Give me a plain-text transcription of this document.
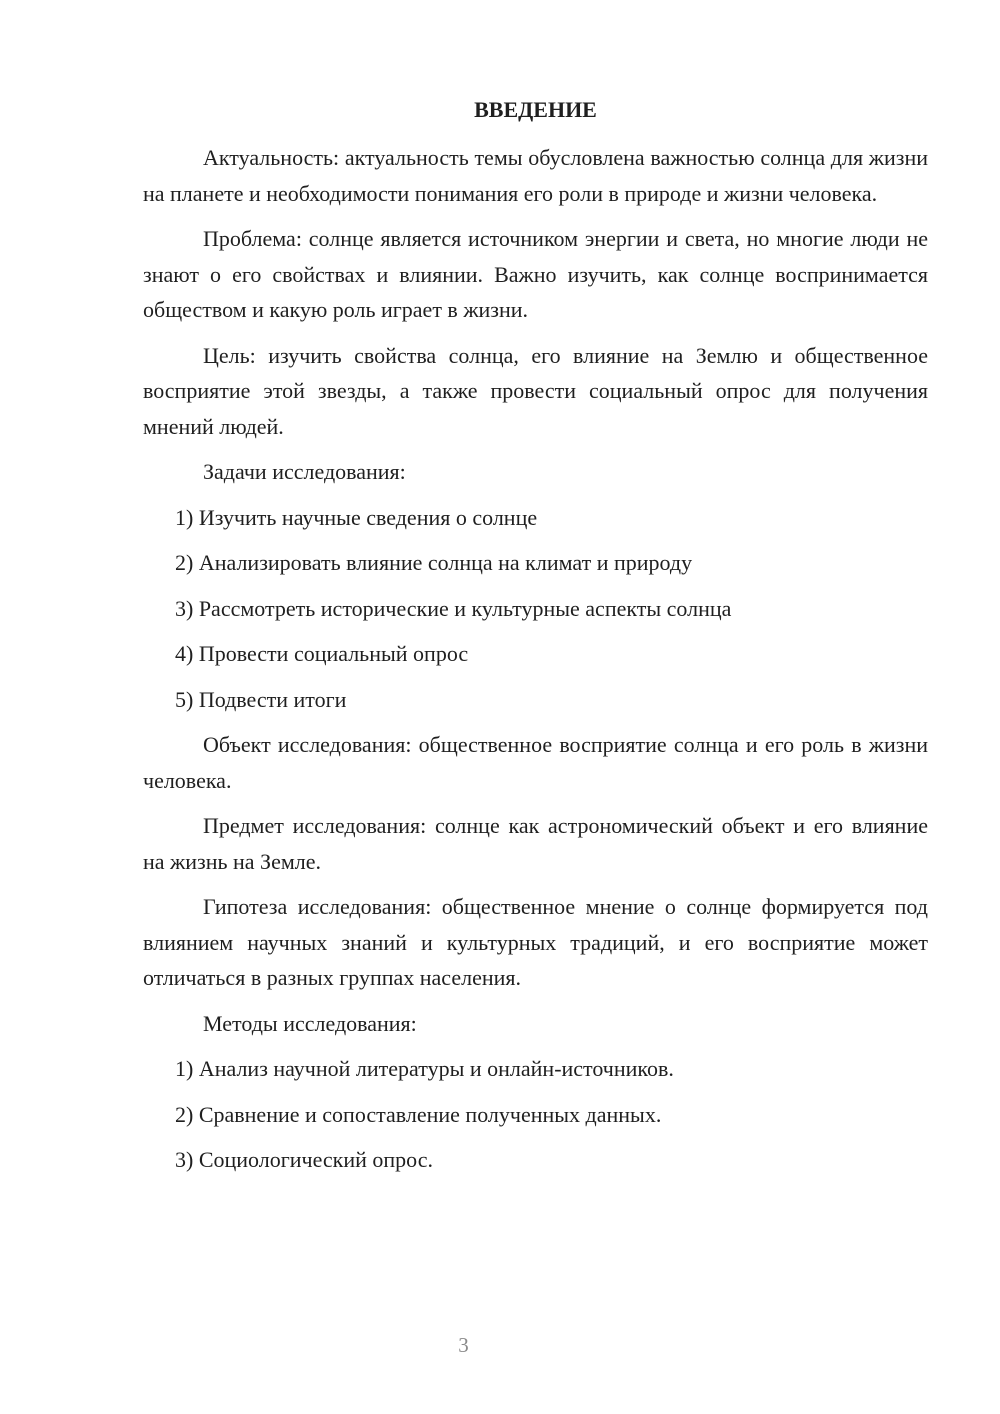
ВВЕДЕНИЕ

Актуальность: актуальность темы обусловлена важностью солнца для жизни на планете и необходимости понимания его роли в природе и жизни человека.

Проблема: солнце является источником энергии и света, но многие люди не знают о его свойствах и влиянии. Важно изучить, как солнце воспринимается обществом и какую роль играет в жизни.

Цель: изучить свойства солнца, его влияние на Землю и общественное восприятие этой звезды, а также провести социальный опрос для получения мнений людей.

Задачи исследования:

1) Изучить научные сведения о солнце

2) Анализировать влияние солнца на климат и природу

3) Рассмотреть исторические и культурные аспекты солнца

4) Провести социальный опрос

5) Подвести итоги

Объект исследования: общественное восприятие солнца и его роль в жизни человека.

Предмет исследования: солнце как астрономический объект и его влияние на жизнь на Земле.

Гипотеза исследования: общественное мнение о солнце формируется под влиянием научных знаний и культурных традиций, и его восприятие может отличаться в разных группах населения.

Методы исследования:

1) Анализ научной литературы и онлайн-источников.

2) Сравнение и сопоставление полученных данных.

3) Социологический опрос.

3
